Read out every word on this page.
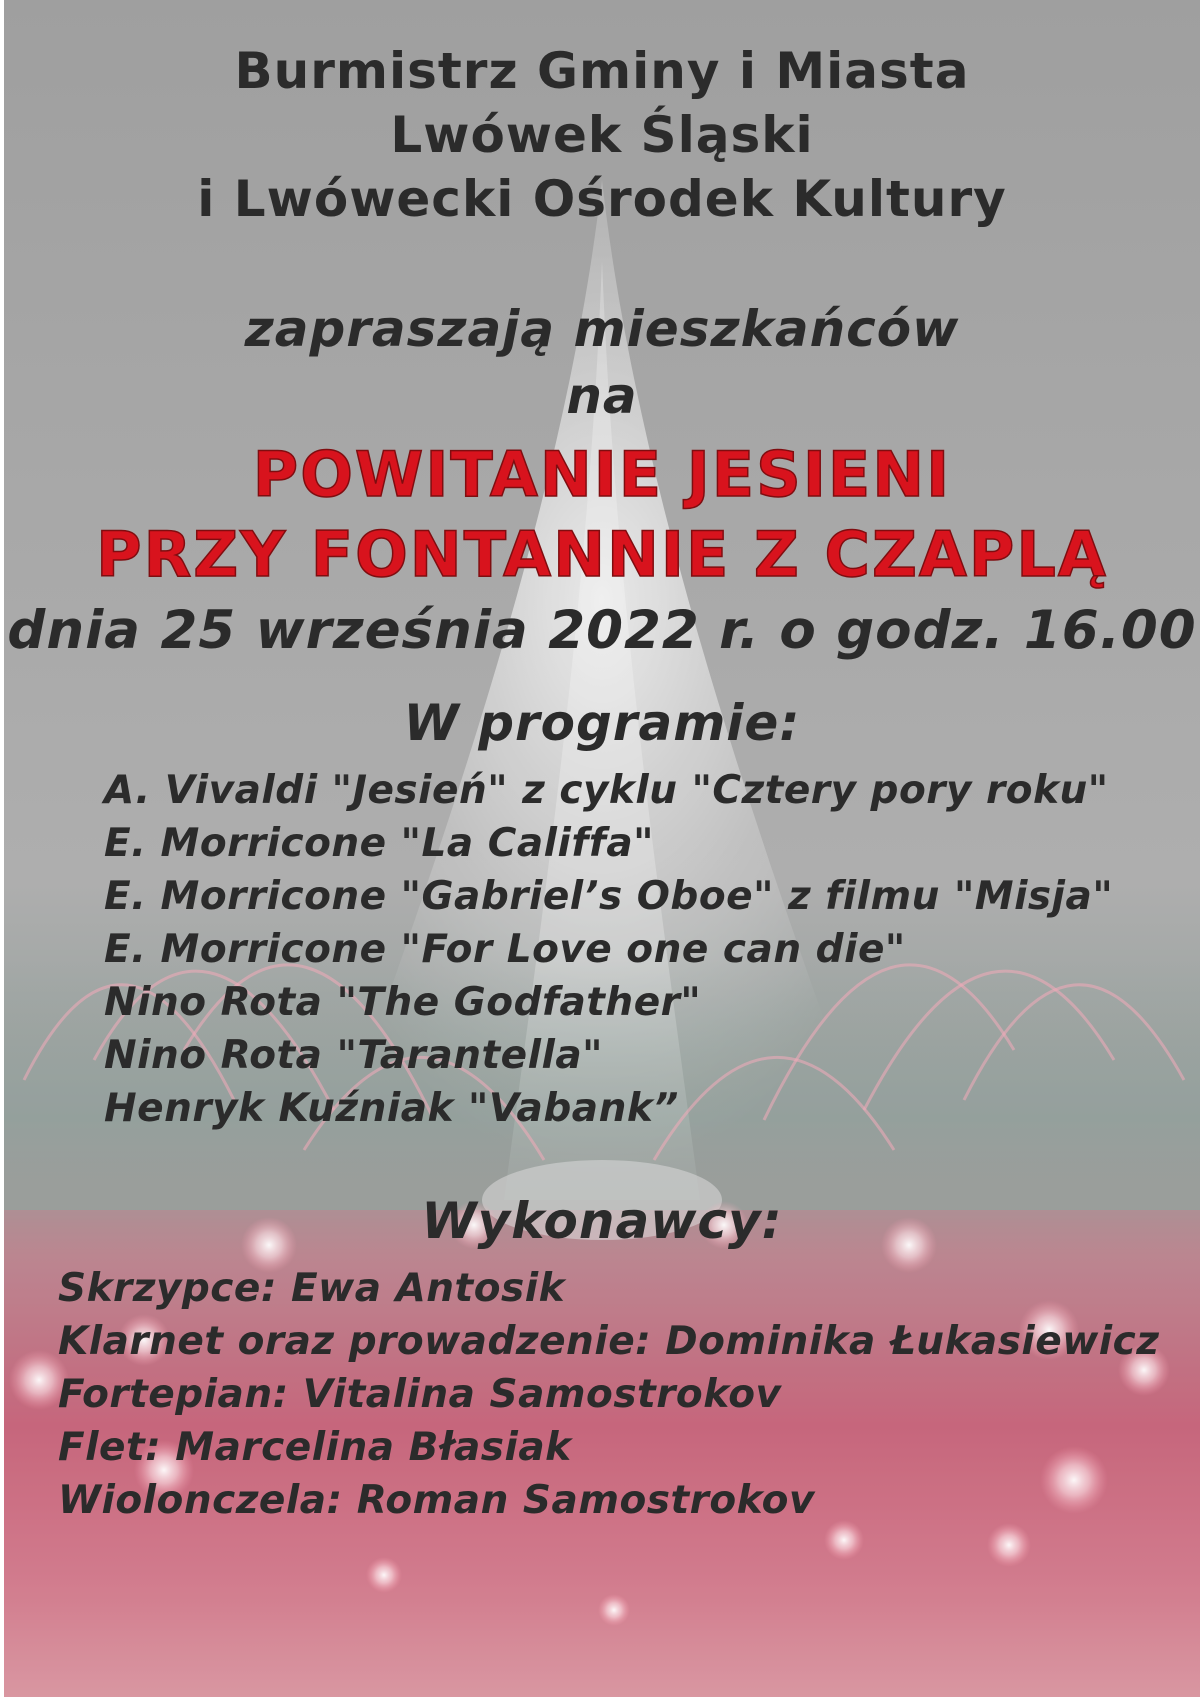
Burmistrz Gminy i Miasta
Lwówek Śląski
i Lwówecki Ośrodek Kultury
zapraszają mieszkańców
na
POWITANIE JESIENI
PRZY FONTANNIE Z CZAPLĄ
dnia 25 września 2022 r. o godz. 16.00
W programie:
A. Vivaldi "Jesień" z cyklu "Cztery pory roku"
E. Morricone "La Califfa"
E. Morricone "Gabriel’s Oboe" z filmu "Misja"
E. Morricone "For Love one can die"
Nino Rota "The Godfather"
Nino Rota "Tarantella"
Henryk Kuźniak "Vabank”
Wykonawcy:
Skrzypce: Ewa Antosik
Klarnet oraz prowadzenie: Dominika Łukasiewicz
Fortepian: Vitalina Samostrokov
Flet: Marcelina Błasiak
Wiolonczela: Roman Samostrokov
